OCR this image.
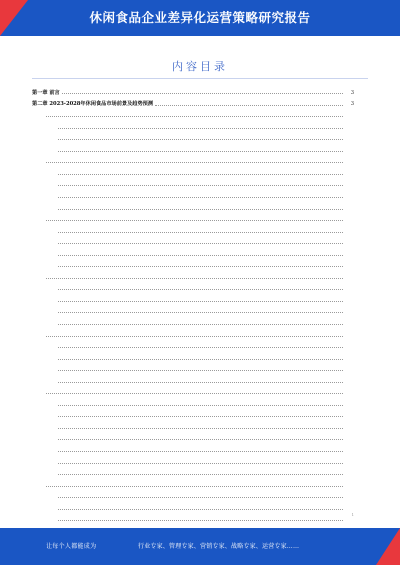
休闲食品企业差异化运营策略研究报告
内容目录
第一章 前言	3
第二章 2023-2028年休闲食品市场前景及趋势预测	3
1
让每个人都能成为	行业专家、管理专家、营销专家、战略专家、运营专家……
